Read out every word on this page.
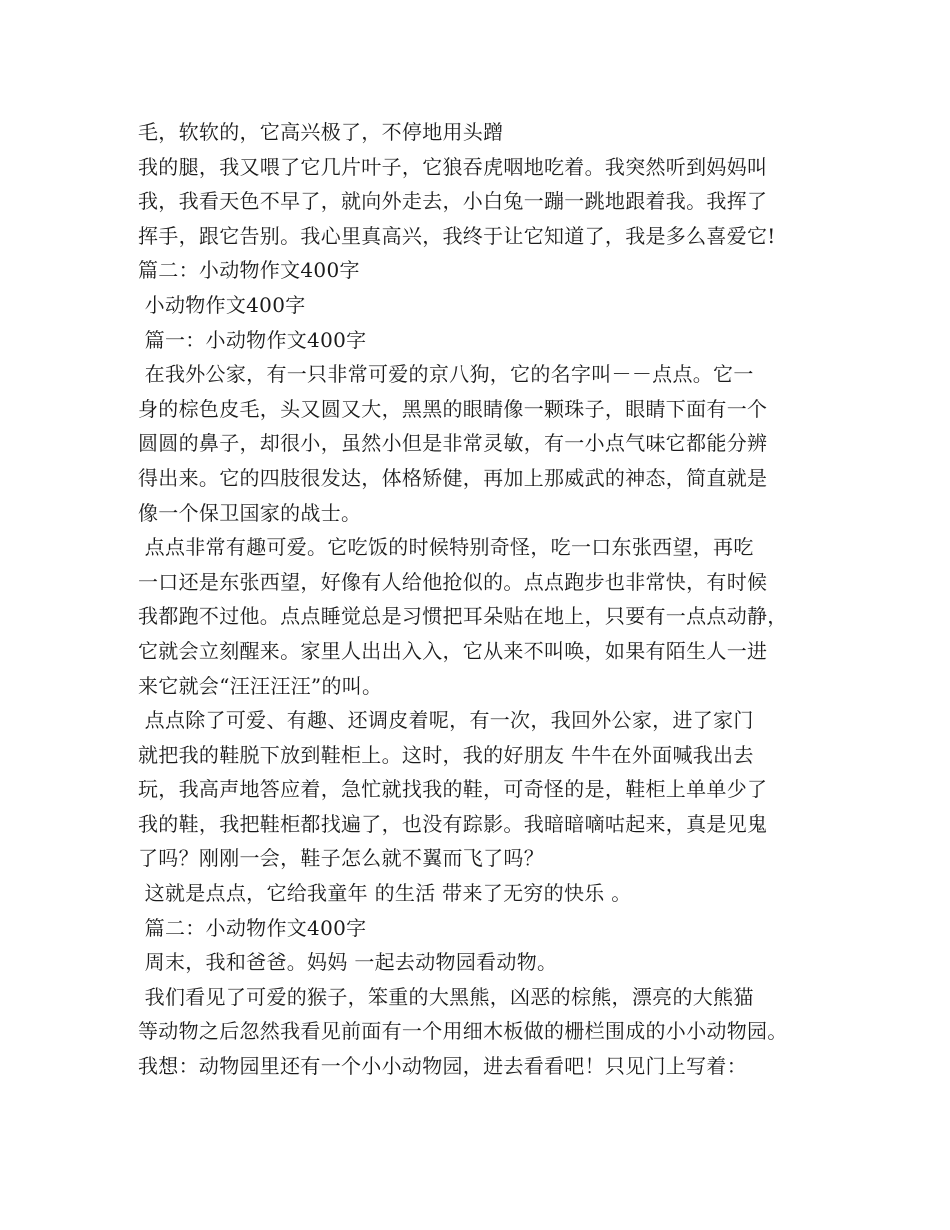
毛，软软的，它高兴极了，不停地用头蹭
我的腿，我又喂了它几片叶子，它狼吞虎咽地吃着。我突然听到妈妈叫
我，我看天色不早了，就向外走去，小白兔一蹦一跳地跟着我。我挥了
挥手，跟它告别。我心里真高兴，我终于让它知道了，我是多么喜爱它!
篇二：小动物作文400字
小动物作文400字
篇一：小动物作文400字
在我外公家，有一只非常可爱的京八狗，它的名字叫－－点点。它一
身的棕色皮毛，头又圆又大，黑黑的眼睛像一颗珠子，眼睛下面有一个
圆圆的鼻子，却很小，虽然小但是非常灵敏，有一小点气味它都能分辨
得出来。它的四肢很发达，体格矫健，再加上那威武的神态，简直就是
像一个保卫国家的战士。
点点非常有趣可爱。它吃饭的时候特别奇怪，吃一口东张西望，再吃
一口还是东张西望，好像有人给他抢似的。点点跑步也非常快，有时候
我都跑不过他。点点睡觉总是习惯把耳朵贴在地上，只要有一点点动静，
它就会立刻醒来。家里人出出入入，它从来不叫唤，如果有陌生人一进
来它就会“汪汪汪汪”的叫。
点点除了可爱、有趣、还调皮着呢，有一次，我回外公家，进了家门
就把我的鞋脱下放到鞋柜上。这时，我的好朋友 牛牛在外面喊我出去
玩，我高声地答应着，急忙就找我的鞋，可奇怪的是，鞋柜上单单少了
我的鞋，我把鞋柜都找遍了，也没有踪影。我暗暗嘀咕起来，真是见鬼
了吗？刚刚一会，鞋子怎么就不翼而飞了吗？
这就是点点，它给我童年 的生活 带来了无穷的快乐 。
篇二：小动物作文400字
周末，我和爸爸。妈妈 一起去动物园看动物。
我们看见了可爱的猴子，笨重的大黑熊，凶恶的棕熊，漂亮的大熊猫
等动物之后忽然我看见前面有一个用细木板做的栅栏围成的小小动物园。
我想：动物园里还有一个小小动物园，进去看看吧！只见门上写着：
